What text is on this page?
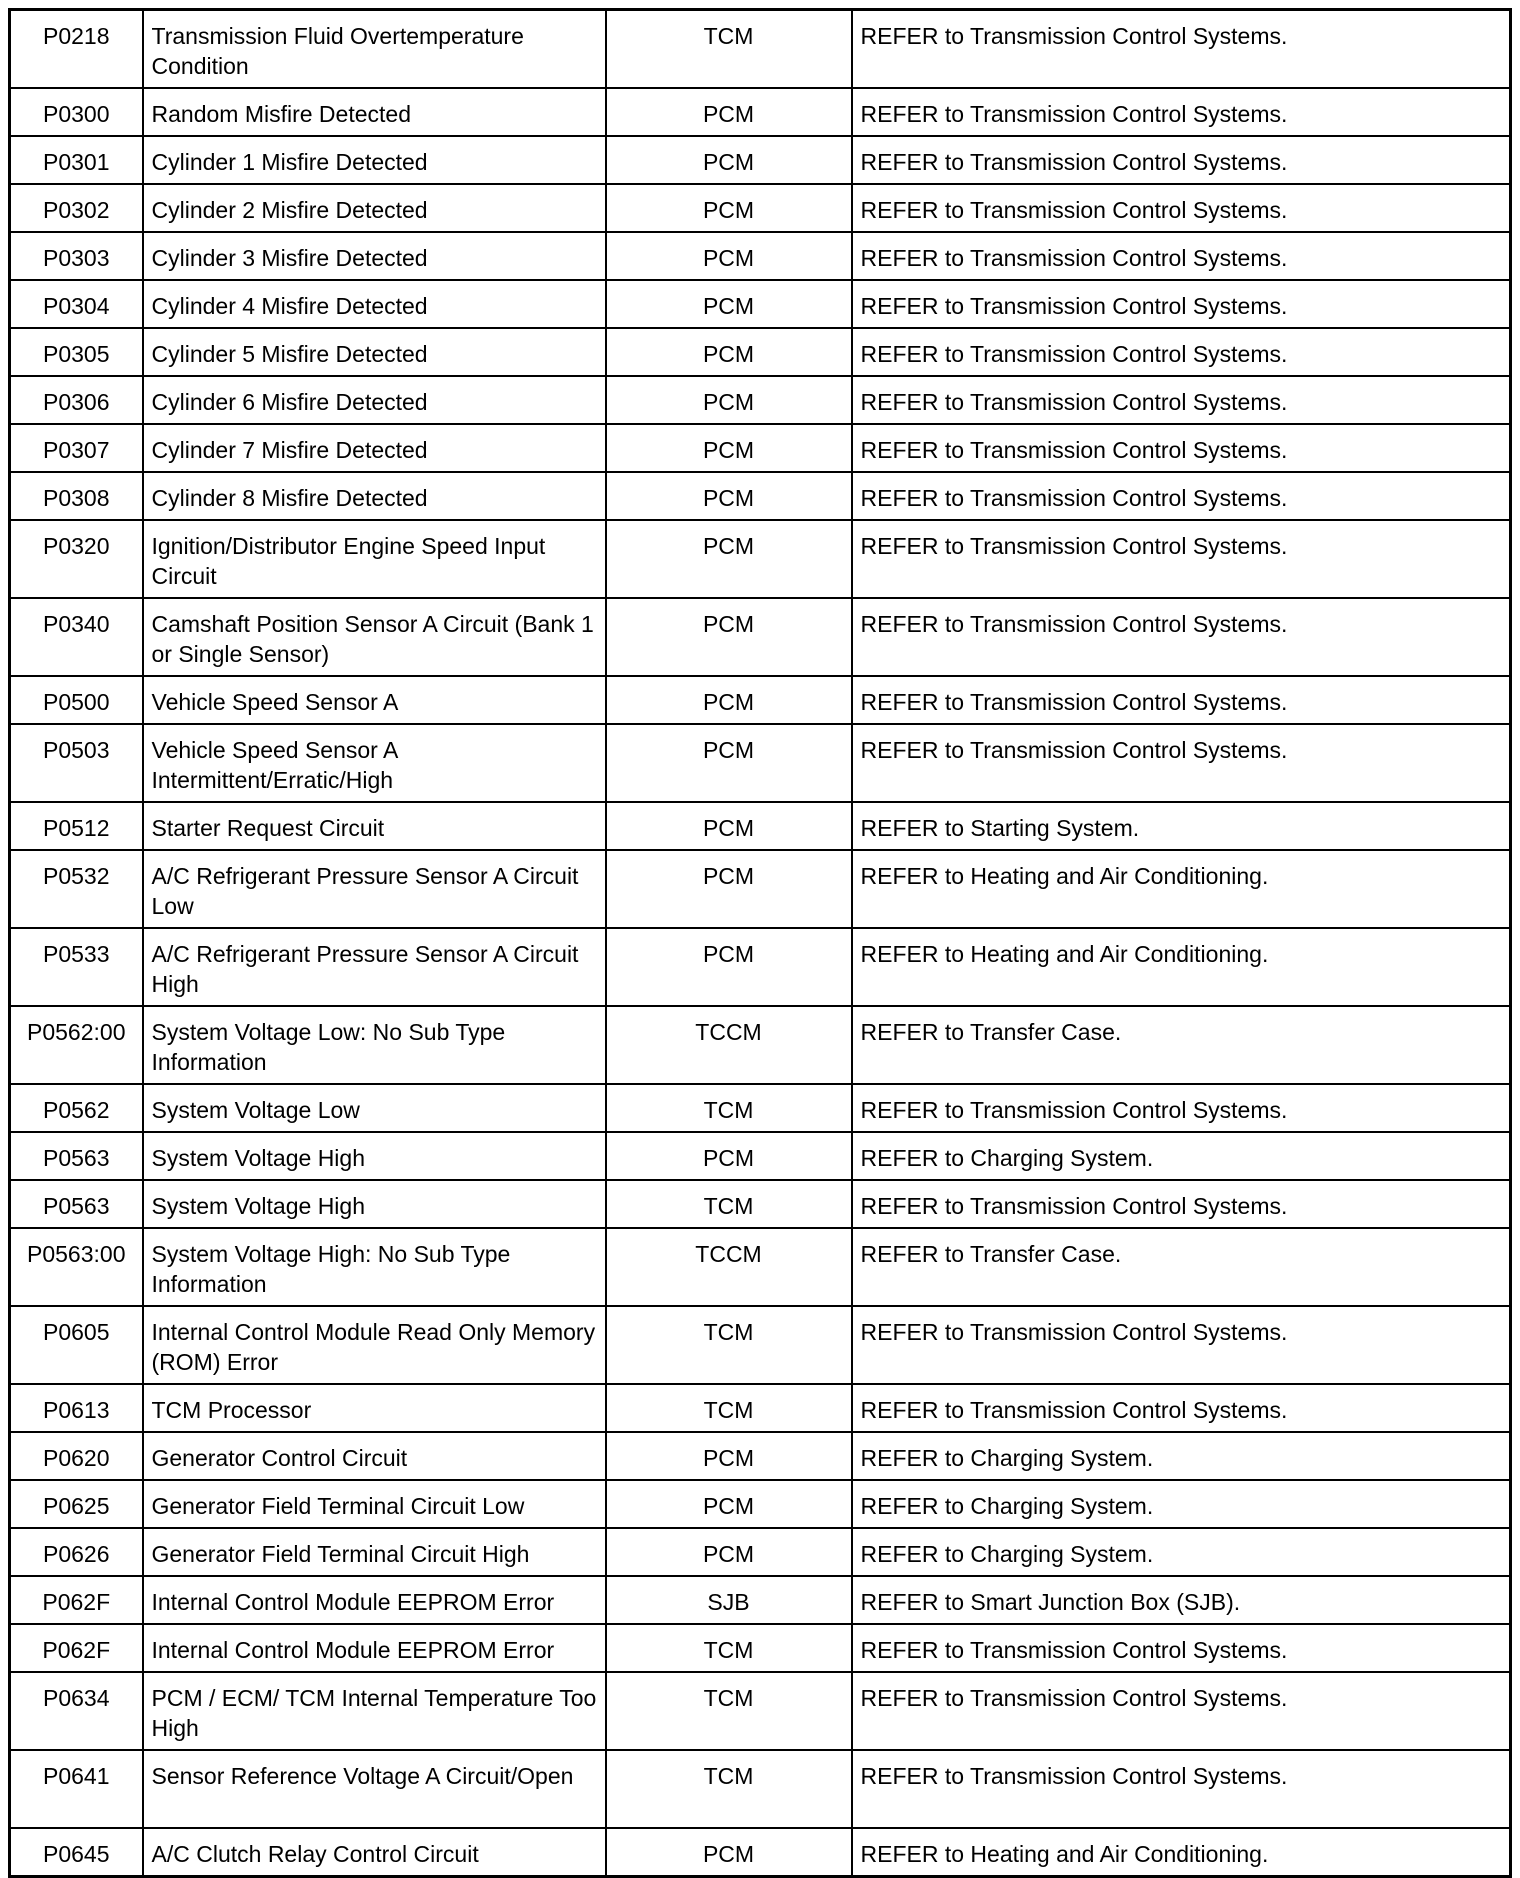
P0218	Transmission Fluid Overtemperature Condition	TCM	REFER to Transmission Control Systems.
P0300	Random Misfire Detected	PCM	REFER to Transmission Control Systems.
P0301	Cylinder 1 Misfire Detected	PCM	REFER to Transmission Control Systems.
P0302	Cylinder 2 Misfire Detected	PCM	REFER to Transmission Control Systems.
P0303	Cylinder 3 Misfire Detected	PCM	REFER to Transmission Control Systems.
P0304	Cylinder 4 Misfire Detected	PCM	REFER to Transmission Control Systems.
P0305	Cylinder 5 Misfire Detected	PCM	REFER to Transmission Control Systems.
P0306	Cylinder 6 Misfire Detected	PCM	REFER to Transmission Control Systems.
P0307	Cylinder 7 Misfire Detected	PCM	REFER to Transmission Control Systems.
P0308	Cylinder 8 Misfire Detected	PCM	REFER to Transmission Control Systems.
P0320	Ignition/Distributor Engine Speed Input Circuit	PCM	REFER to Transmission Control Systems.
P0340	Camshaft Position Sensor A Circuit (Bank 1 or Single Sensor)	PCM	REFER to Transmission Control Systems.
P0500	Vehicle Speed Sensor A	PCM	REFER to Transmission Control Systems.
P0503	Vehicle Speed Sensor A Intermittent/Erratic/High	PCM	REFER to Transmission Control Systems.
P0512	Starter Request Circuit	PCM	REFER to Starting System.
P0532	A/C Refrigerant Pressure Sensor A Circuit Low	PCM	REFER to Heating and Air Conditioning.
P0533	A/C Refrigerant Pressure Sensor A Circuit High	PCM	REFER to Heating and Air Conditioning.
P0562:00	System Voltage Low: No Sub Type Information	TCCM	REFER to Transfer Case.
P0562	System Voltage Low	TCM	REFER to Transmission Control Systems.
P0563	System Voltage High	PCM	REFER to Charging System.
P0563	System Voltage High	TCM	REFER to Transmission Control Systems.
P0563:00	System Voltage High: No Sub Type Information	TCCM	REFER to Transfer Case.
P0605	Internal Control Module Read Only Memory (ROM) Error	TCM	REFER to Transmission Control Systems.
P0613	TCM Processor	TCM	REFER to Transmission Control Systems.
P0620	Generator Control Circuit	PCM	REFER to Charging System.
P0625	Generator Field Terminal Circuit Low	PCM	REFER to Charging System.
P0626	Generator Field Terminal Circuit High	PCM	REFER to Charging System.
P062F	Internal Control Module EEPROM Error	SJB	REFER to Smart Junction Box (SJB).
P062F	Internal Control Module EEPROM Error	TCM	REFER to Transmission Control Systems.
P0634	PCM / ECM/ TCM Internal Temperature Too High	TCM	REFER to Transmission Control Systems.
P0641	Sensor Reference Voltage A Circuit/Open	TCM	REFER to Transmission Control Systems.
P0645	A/C Clutch Relay Control Circuit	PCM	REFER to Heating and Air Conditioning.
